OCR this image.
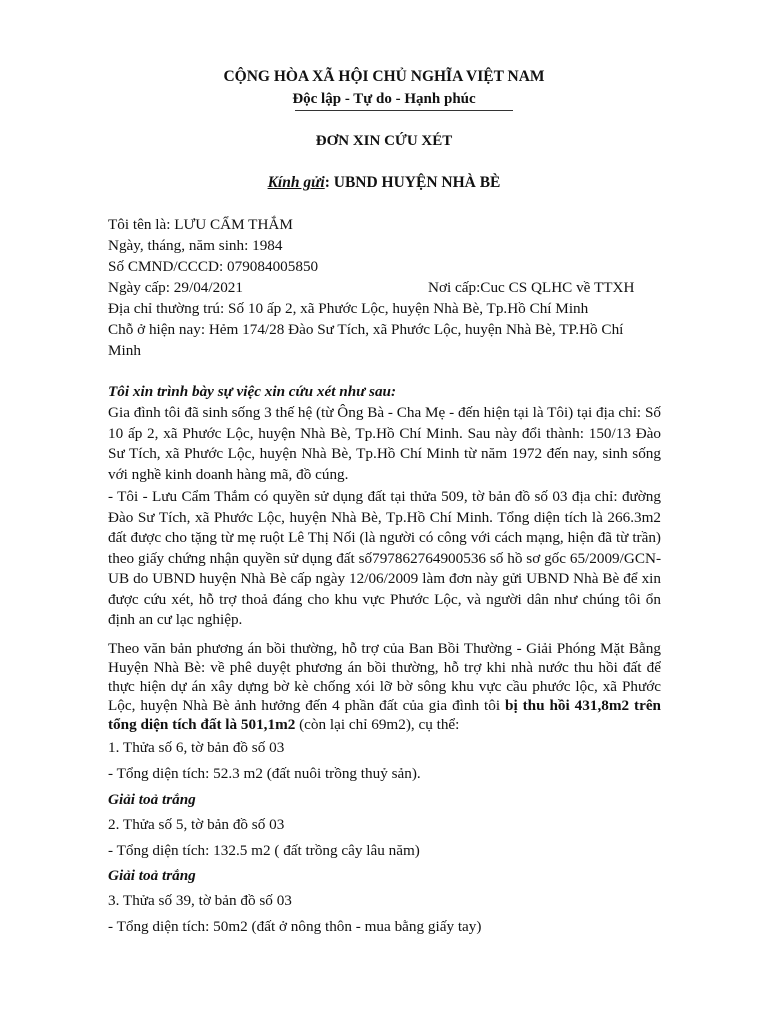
CỘNG HÒA XÃ HỘI CHỦ NGHĨA VIỆT NAM
Độc lập - Tự do - Hạnh phúc
ĐƠN XIN CỨU XÉT
Kính gửi: UBND HUYỆN NHÀ BÈ
Tôi tên là: LƯU CẨM THẮM
Ngày, tháng, năm sinh: 1984
Số CMND/CCCD: 079084005850
Ngày cấp: 29/04/2021	Nơi cấp:Cuc CS QLHC về TTXH
Địa chỉ thường trú: Số 10 ấp 2, xã Phước Lộc, huyện Nhà Bè, Tp.Hồ Chí Minh
Chỗ ở hiện nay: Hẻm 174/28 Đào Sư Tích, xã Phước Lộc, huyện Nhà Bè, TP.Hồ Chí
Minh
Tôi xin trình bày sự việc xin cứu xét như sau:
Gia đình tôi đã sinh sống 3 thế hệ (từ Ông Bà - Cha Mẹ - đến hiện tại là Tôi) tại địa chỉ: Số 10 ấp 2, xã Phước Lộc, huyện Nhà Bè, Tp.Hồ Chí Minh. Sau này đổi thành: 150/13 Đào Sư Tích, xã Phước Lộc, huyện Nhà Bè, Tp.Hồ Chí Minh từ năm 1972 đến nay, sinh sống với nghề kinh doanh hàng mã, đồ cúng.
- Tôi - Lưu Cẩm Thắm có quyền sử dụng đất tại thửa 509, tờ bản đồ số 03 địa chỉ: đường Đào Sư Tích, xã Phước Lộc, huyện Nhà Bè, Tp.Hồ Chí Minh. Tổng diện tích là 266.3m2 đất được cho tặng từ mẹ ruột Lê Thị Nối (là người có công với cách mạng, hiện đã từ trần) theo giấy chứng nhận quyền sử dụng đất số797862764900536 số hồ sơ gốc 65/2009/GCN-UB do UBND huyện Nhà Bè cấp ngày 12/06/2009 làm đơn này gửi UBND Nhà Bè để xin được cứu xét, hỗ trợ thoả đáng cho khu vực Phước Lộc, và người dân như chúng tôi ổn định an cư lạc nghiệp.
Theo văn bản phương án bồi thường, hỗ trợ của Ban Bồi Thường - Giải Phóng Mặt Bằng Huyện Nhà Bè: về phê duyệt phương án bồi thường, hỗ trợ khi nhà nước thu hồi đất để thực hiện dự án xây dựng bờ kè chống xói lỡ bờ sông khu vực cầu phước lộc, xã Phước Lộc, huyện Nhà Bè ảnh hưởng đến 4 phần đất của gia đình tôi bị thu hồi 431,8m2 trên tổng diện tích đất là 501,1m2 (còn lại chỉ 69m2), cụ thể:
1. Thửa số 6, tờ bản đồ số 03
- Tổng diện tích: 52.3 m2 (đất nuôi trồng thuỷ sản).
Giải toả trắng
2. Thửa số 5, tờ bản đồ số 03
- Tổng diện tích: 132.5 m2 ( đất trồng cây lâu năm)
Giải toả trắng
3. Thửa số 39, tờ bản đồ số 03
- Tổng diện tích: 50m2 (đất ở nông thôn - mua bằng giấy tay)
